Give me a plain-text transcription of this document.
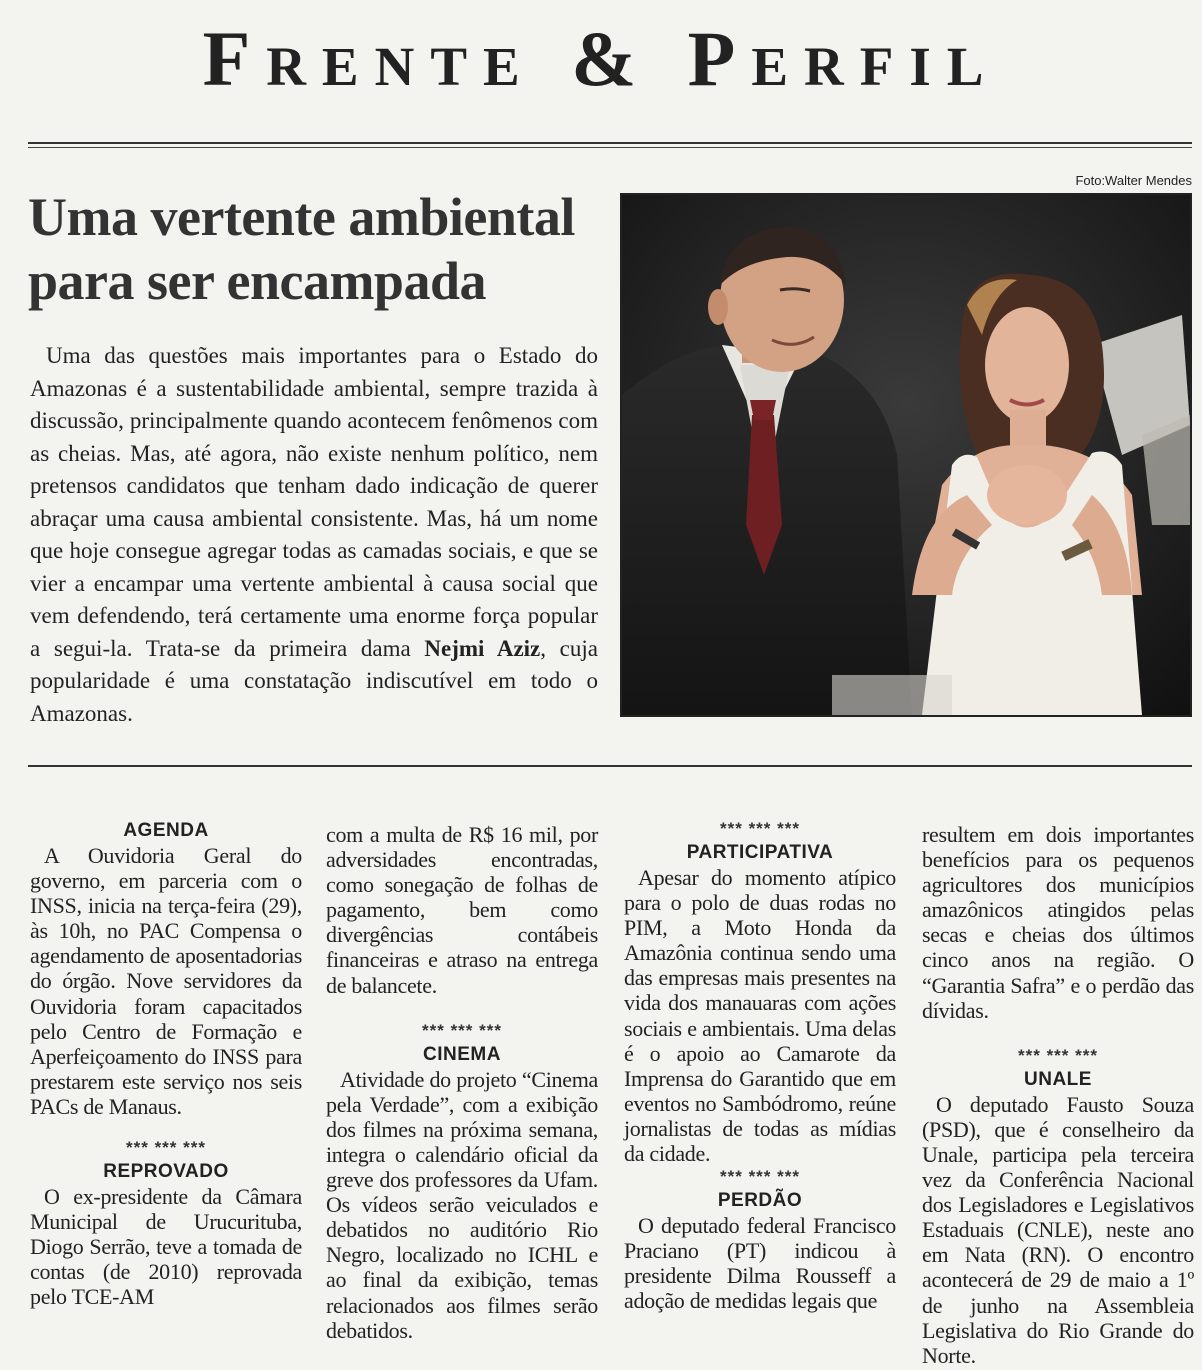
Frente & Perfil
Uma vertente ambiental
para ser encampada

Uma das questões mais importantes para o Estado do Amazonas é a sustentabilidade ambiental, sempre trazida à discussão, principalmente quando acontecem fenômenos com as cheias. Mas, até agora, não existe nenhum político, nem pretensos candidatos que tenham dado indicação de querer abraçar uma causa ambiental consistente. Mas, há um nome que hoje consegue agregar todas as camadas sociais, e que se vier a encampar uma vertente ambiental à causa social que vem defendendo, terá certamente uma enorme força popular a segui-la. Trata-se da primeira dama Nejmi Aziz, cuja popularidade é uma constatação indiscutível em todo o Amazonas.

Foto:Walter Mendes
AGENDA

A Ouvidoria Geral do governo, em parceria com o INSS, inicia na terça-feira (29), às 10h, no PAC Compensa o agendamento de aposentadorias do órgão. Nove servidores da Ouvidoria foram capacitados pelo Centro de Formação e Aperfeiçoamento do INSS para prestarem este serviço nos seis PACs de Manaus.

*** *** ***
REPROVADO

O ex-presidente da Câmara Municipal de Urucurituba, Diogo Serrão, teve a tomada de contas (de 2010) reprovada pelo TCE-AM

com a multa de R$ 16 mil, por adversidades encontradas, como sonegação de folhas de pagamento, bem como divergências contábeis financeiras e atraso na entrega de balancete.

*** *** ***
CINEMA

Atividade do projeto “Cinema pela Verdade”, com a exibição dos filmes na próxima semana, integra o calendário oficial da greve dos professores da Ufam. Os vídeos serão veiculados e debatidos no auditório Rio Negro, localizado no ICHL e ao final da exibição, temas relacionados aos filmes serão debatidos.

*** *** ***
PARTICIPATIVA

Apesar do momento atípico para o polo de duas rodas no PIM, a Moto Honda da Amazônia continua sendo uma das empresas mais presentes na vida dos manauaras com ações sociais e ambientais. Uma delas é o apoio ao Camarote da Imprensa do Garantido que em eventos no Sambódromo, reúne jornalistas de todas as mídias da cidade.

*** *** ***
PERDÃO

O deputado federal Francisco Praciano (PT) indicou à presidente Dilma Rousseff a adoção de medidas legais que

resultem em dois importantes benefícios para os pequenos agricultores dos municípios amazônicos atingidos pelas secas e cheias dos últimos cinco anos na região. O “Garantia Safra” e o perdão das dívidas.

*** *** ***
UNALE

O deputado Fausto Souza (PSD), que é conselheiro da Unale, participa pela terceira vez da Conferência Nacional dos Legisladores e Legislativos Estaduais (CNLE), neste ano em Nata (RN). O encontro acontecerá de 29 de maio a 1º de junho na Assembleia Legislativa do Rio Grande do Norte.
